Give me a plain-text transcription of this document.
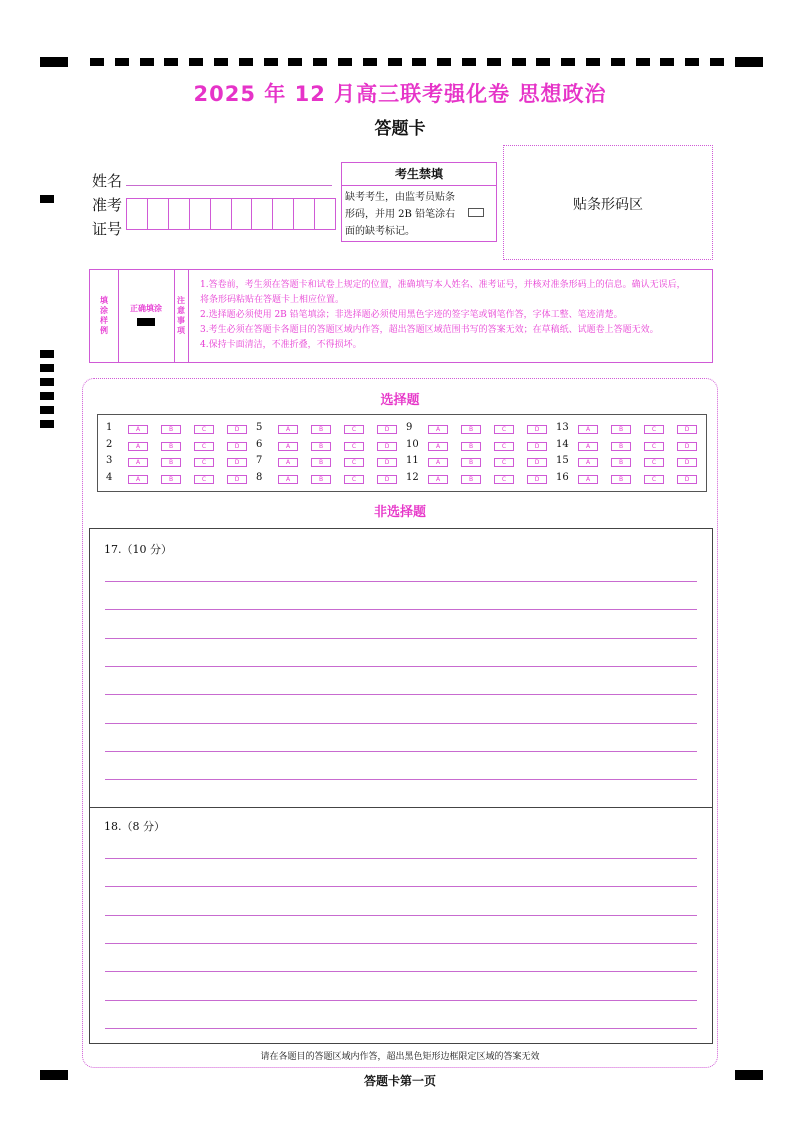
2025 年 12 月高三联考强化卷 思想政治
答题卡
姓名
准考
证号
考生禁填
缺考考生，由监考员贴条形码，并用 2B 铅笔涂右面的缺考标记。
贴条形码区
填涂样例
正确填涂
注意事项
1.答卷前，考生须在答题卡和试卷上规定的位置，准确填写本人姓名、准考证号，并核对准条形码上的信息。确认无误后，
将条形码粘贴在答题卡上相应位置。
2.选择题必须使用 2B 铅笔填涂；非选择题必须使用黑色字迹的签字笔或钢笔作答，字体工整、笔迹清楚。
3.考生必须在答题卡各题目的答题区域内作答，超出答题区域范围书写的答案无效；在草稿纸、试题卷上答题无效。
4.保持卡面清洁，不准折叠，不得损坏。
选择题
1	A	B	C	D	5	A	B	C	D	9	A	B	C	D	13	A	B	C	D
2	A	B	C	D	6	A	B	C	D	10	A	B	C	D	14	A	B	C	D
3	A	B	C	D	7	A	B	C	D	11	A	B	C	D	15	A	B	C	D
4	A	B	C	D	8	A	B	C	D	12	A	B	C	D	16	A	B	C	D
非选择题
17.（10 分）
18.（8 分）
请在各题目的答题区域内作答，超出黑色矩形边框限定区域的答案无效
答题卡第一页
